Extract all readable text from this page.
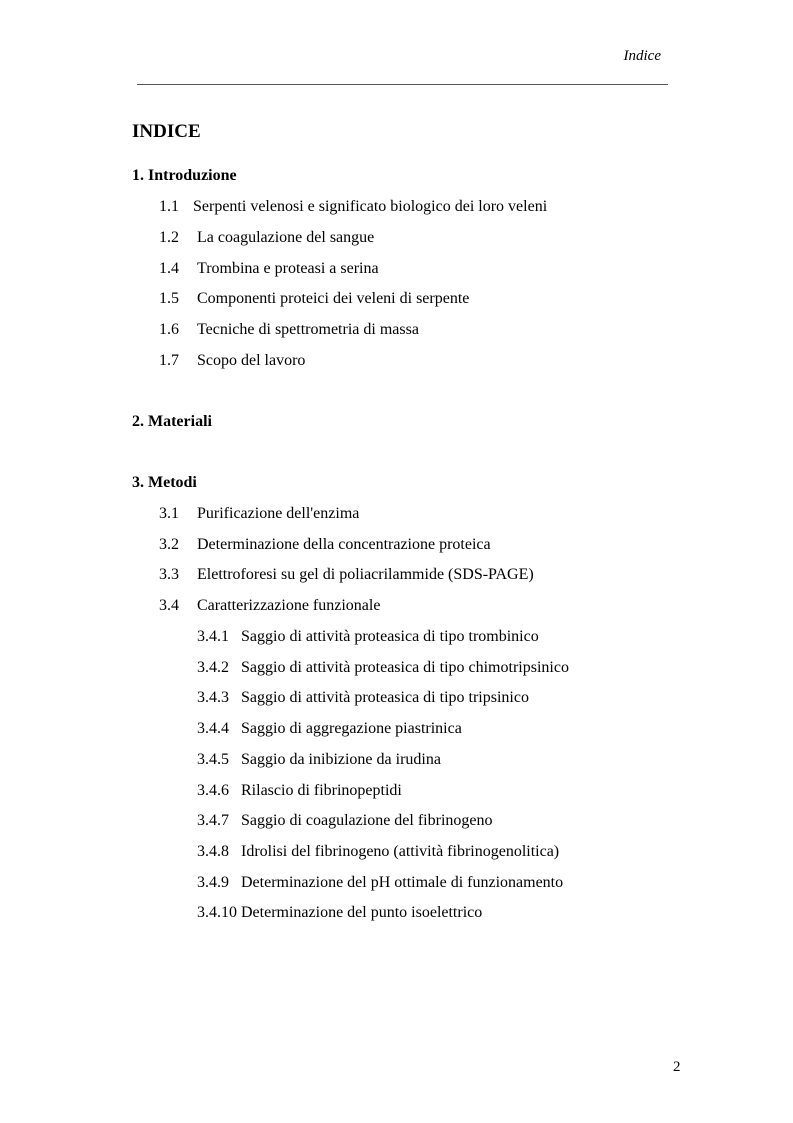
Indice
INDICE
1. Introduzione
1.1 Serpenti velenosi e significato biologico dei loro veleni
1.2 La coagulazione del sangue
1.4 Trombina e proteasi a serina
1.5 Componenti proteici dei veleni di serpente
1.6 Tecniche di spettrometria di massa
1.7 Scopo del lavoro
2. Materiali
3. Metodi
3.1 Purificazione dell'enzima
3.2 Determinazione della concentrazione proteica
3.3 Elettroforesi su gel di poliacrilammide (SDS-PAGE)
3.4 Caratterizzazione funzionale
3.4.1 Saggio di attività proteasica di tipo trombinico
3.4.2 Saggio di attività proteasica di tipo chimotripsinico
3.4.3 Saggio di attività proteasica di tipo tripsinico
3.4.4 Saggio di aggregazione piastrinica
3.4.5 Saggio da inibizione da irudina
3.4.6 Rilascio di fibrinopeptidi
3.4.7 Saggio di coagulazione del fibrinogeno
3.4.8 Idrolisi del fibrinogeno (attività fibrinogenolitica)
3.4.9 Determinazione del pH ottimale di funzionamento
3.4.10 Determinazione del punto isoelettrico
2
